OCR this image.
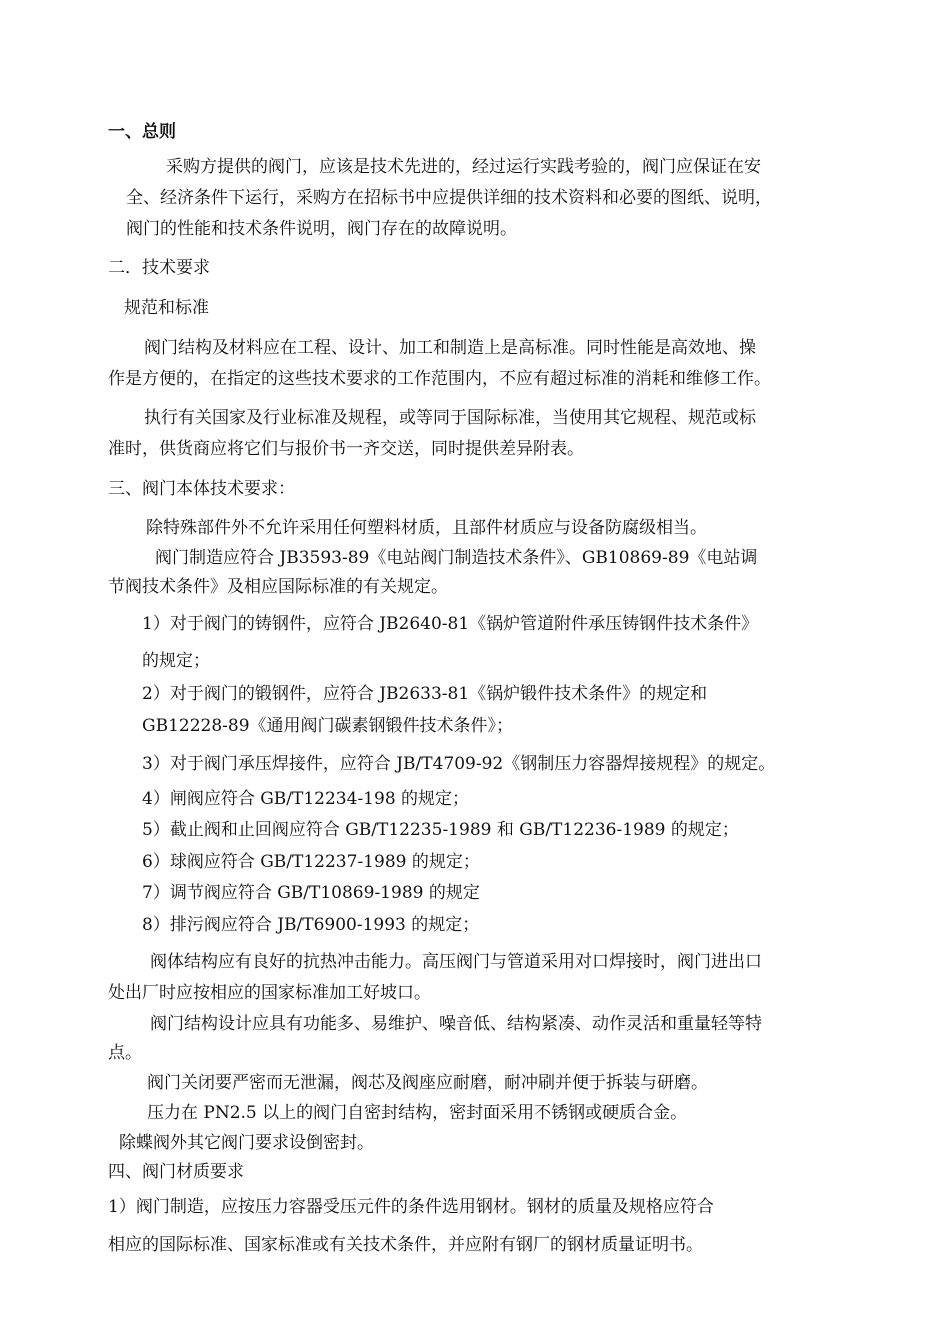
一、总则
采购方提供的阀门，应该是技术先进的，经过运行实践考验的，阀门应保证在安
全、经济条件下运行，采购方在招标书中应提供详细的技术资料和必要的图纸、说明，
阀门的性能和技术条件说明，阀门存在的故障说明。
二．技术要求
规范和标准
阀门结构及材料应在工程、设计、加工和制造上是高标准。同时性能是高效地、操
作是方便的，在指定的这些技术要求的工作范围内，不应有超过标准的消耗和维修工作。
执行有关国家及行业标准及规程，或等同于国际标准，当使用其它规程、规范或标
准时，供货商应将它们与报价书一齐交送，同时提供差异附表。
三、阀门本体技术要求：
除特殊部件外不允许采用任何塑料材质，且部件材质应与设备防腐级相当。
阀门制造应符合 JB3593-89《电站阀门制造技术条件》、GB10869-89《电站调
节阀技术条件》及相应国际标准的有关规定。
1）对于阀门的铸钢件，应符合 JB2640-81《锅炉管道附件承压铸钢件技术条件》
的规定；
2）对于阀门的锻钢件，应符合 JB2633-81《锅炉锻件技术条件》的规定和
GB12228-89《通用阀门碳素钢锻件技术条件》；
3）对于阀门承压焊接件，应符合 JB/T4709-92《钢制压力容器焊接规程》的规定。
4）闸阀应符合 GB/T12234-198 的规定；
5）截止阀和止回阀应符合 GB/T12235-1989 和 GB/T12236-1989 的规定；
6）球阀应符合 GB/T12237-1989 的规定；
7）调节阀应符合 GB/T10869-1989 的规定
8）排污阀应符合 JB/T6900-1993 的规定；
阀体结构应有良好的抗热冲击能力。高压阀门与管道采用对口焊接时，阀门进出口
处出厂时应按相应的国家标准加工好坡口。
阀门结构设计应具有功能多、易维护、噪音低、结构紧凑、动作灵活和重量轻等特
点。
阀门关闭要严密而无泄漏，阀芯及阀座应耐磨，耐冲刷并便于拆装与研磨。
压力在 PN2.5 以上的阀门自密封结构，密封面采用不锈钢或硬质合金。
除蝶阀外其它阀门要求设倒密封。
四、阀门材质要求
1）阀门制造，应按压力容器受压元件的条件选用钢材。钢材的质量及规格应符合
相应的国际标准、国家标准或有关技术条件，并应附有钢厂的钢材质量证明书。
